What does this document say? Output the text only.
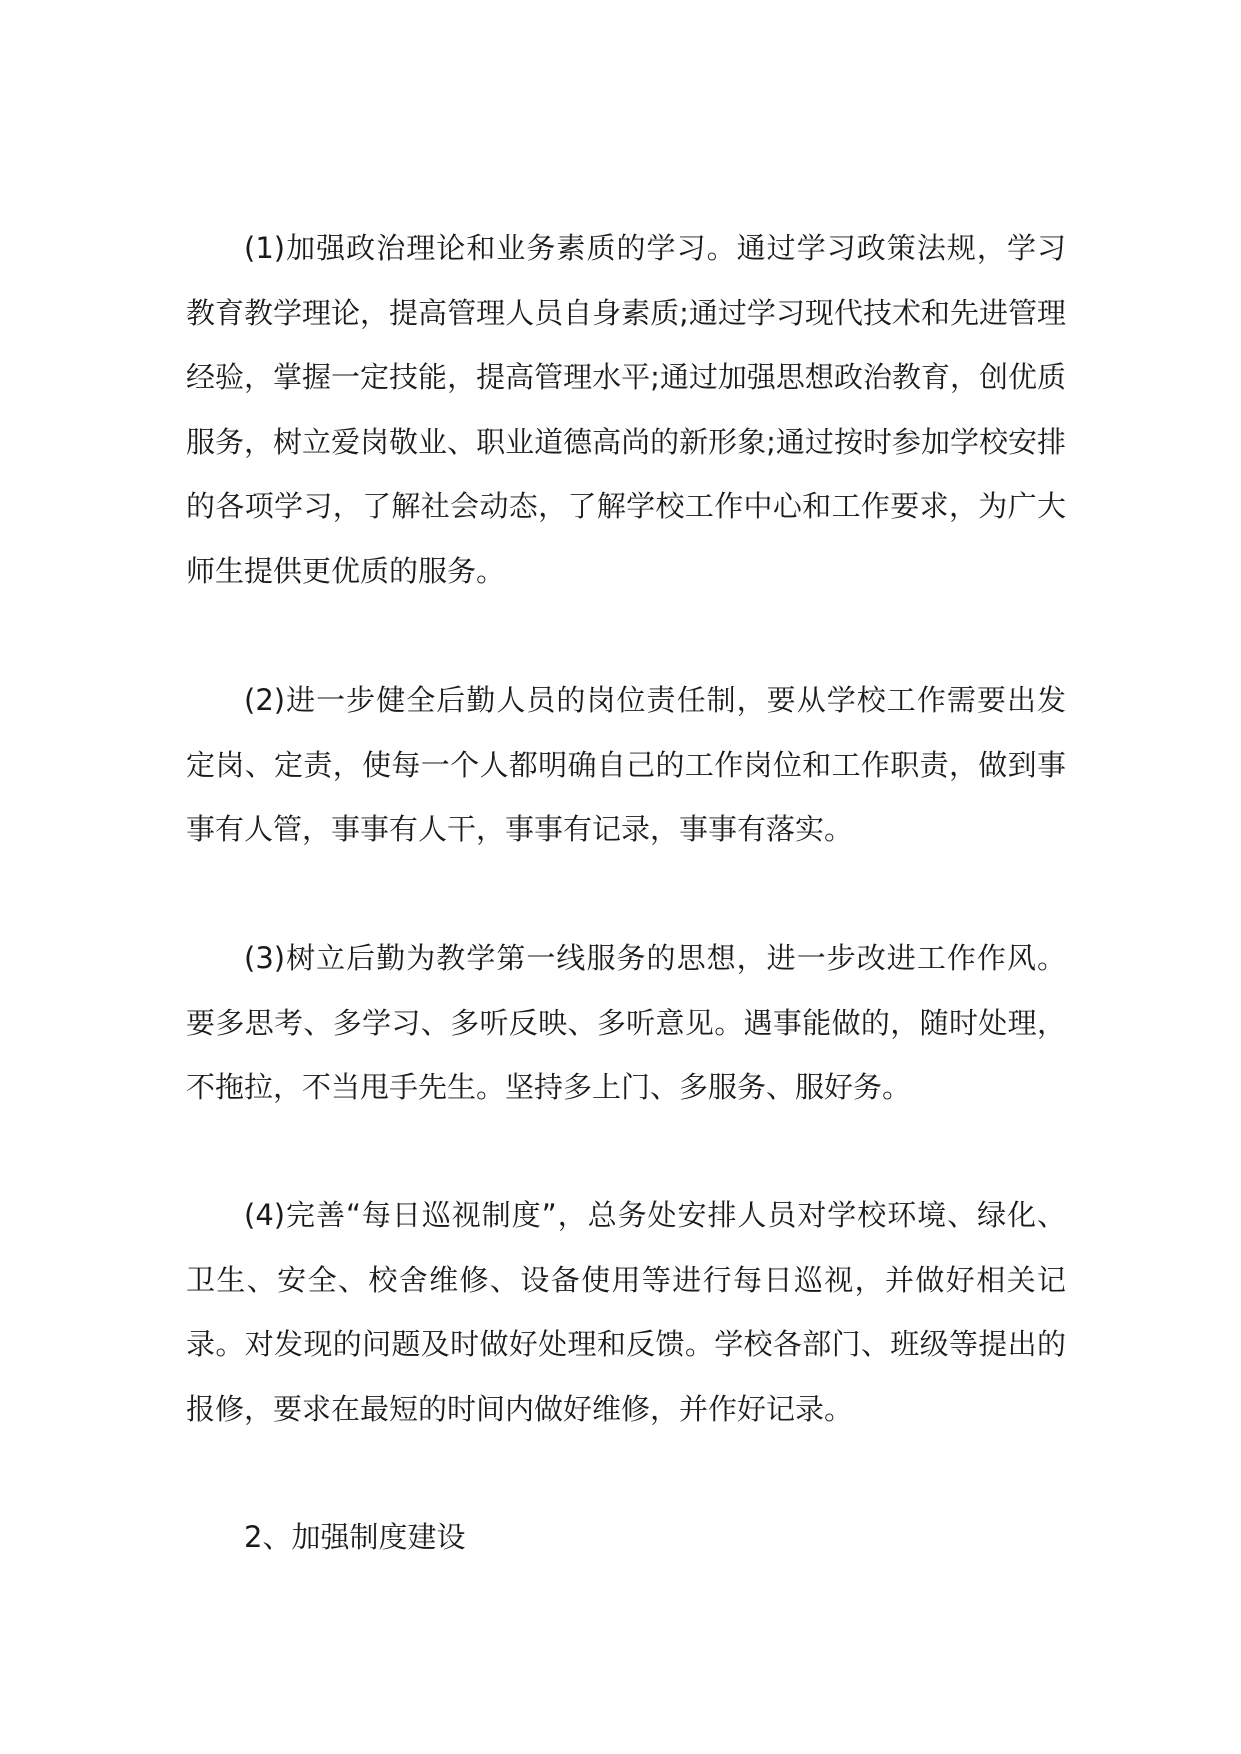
(1)加强政治理论和业务素质的学习。通过学习政策法规，学习教育教学理论，提高管理人员自身素质;通过学习现代技术和先进管理经验，掌握一定技能，提高管理水平;通过加强思想政治教育，创优质服务，树立爱岗敬业、职业道德高尚的新形象;通过按时参加学校安排的各项学习，了解社会动态，了解学校工作中心和工作要求，为广大师生提供更优质的服务。

(2)进一步健全后勤人员的岗位责任制，要从学校工作需要出发定岗、定责，使每一个人都明确自己的工作岗位和工作职责，做到事事有人管，事事有人干，事事有记录，事事有落实。

(3)树立后勤为教学第一线服务的思想，进一步改进工作作风。要多思考、多学习、多听反映、多听意见。遇事能做的，随时处理，不拖拉，不当甩手先生。坚持多上门、多服务、服好务。

(4)完善“每日巡视制度”，总务处安排人员对学校环境、绿化、卫生、安全、校舍维修、设备使用等进行每日巡视，并做好相关记录。对发现的问题及时做好处理和反馈。学校各部门、班级等提出的报修，要求在最短的时间内做好维修，并作好记录。

2、加强制度建设
